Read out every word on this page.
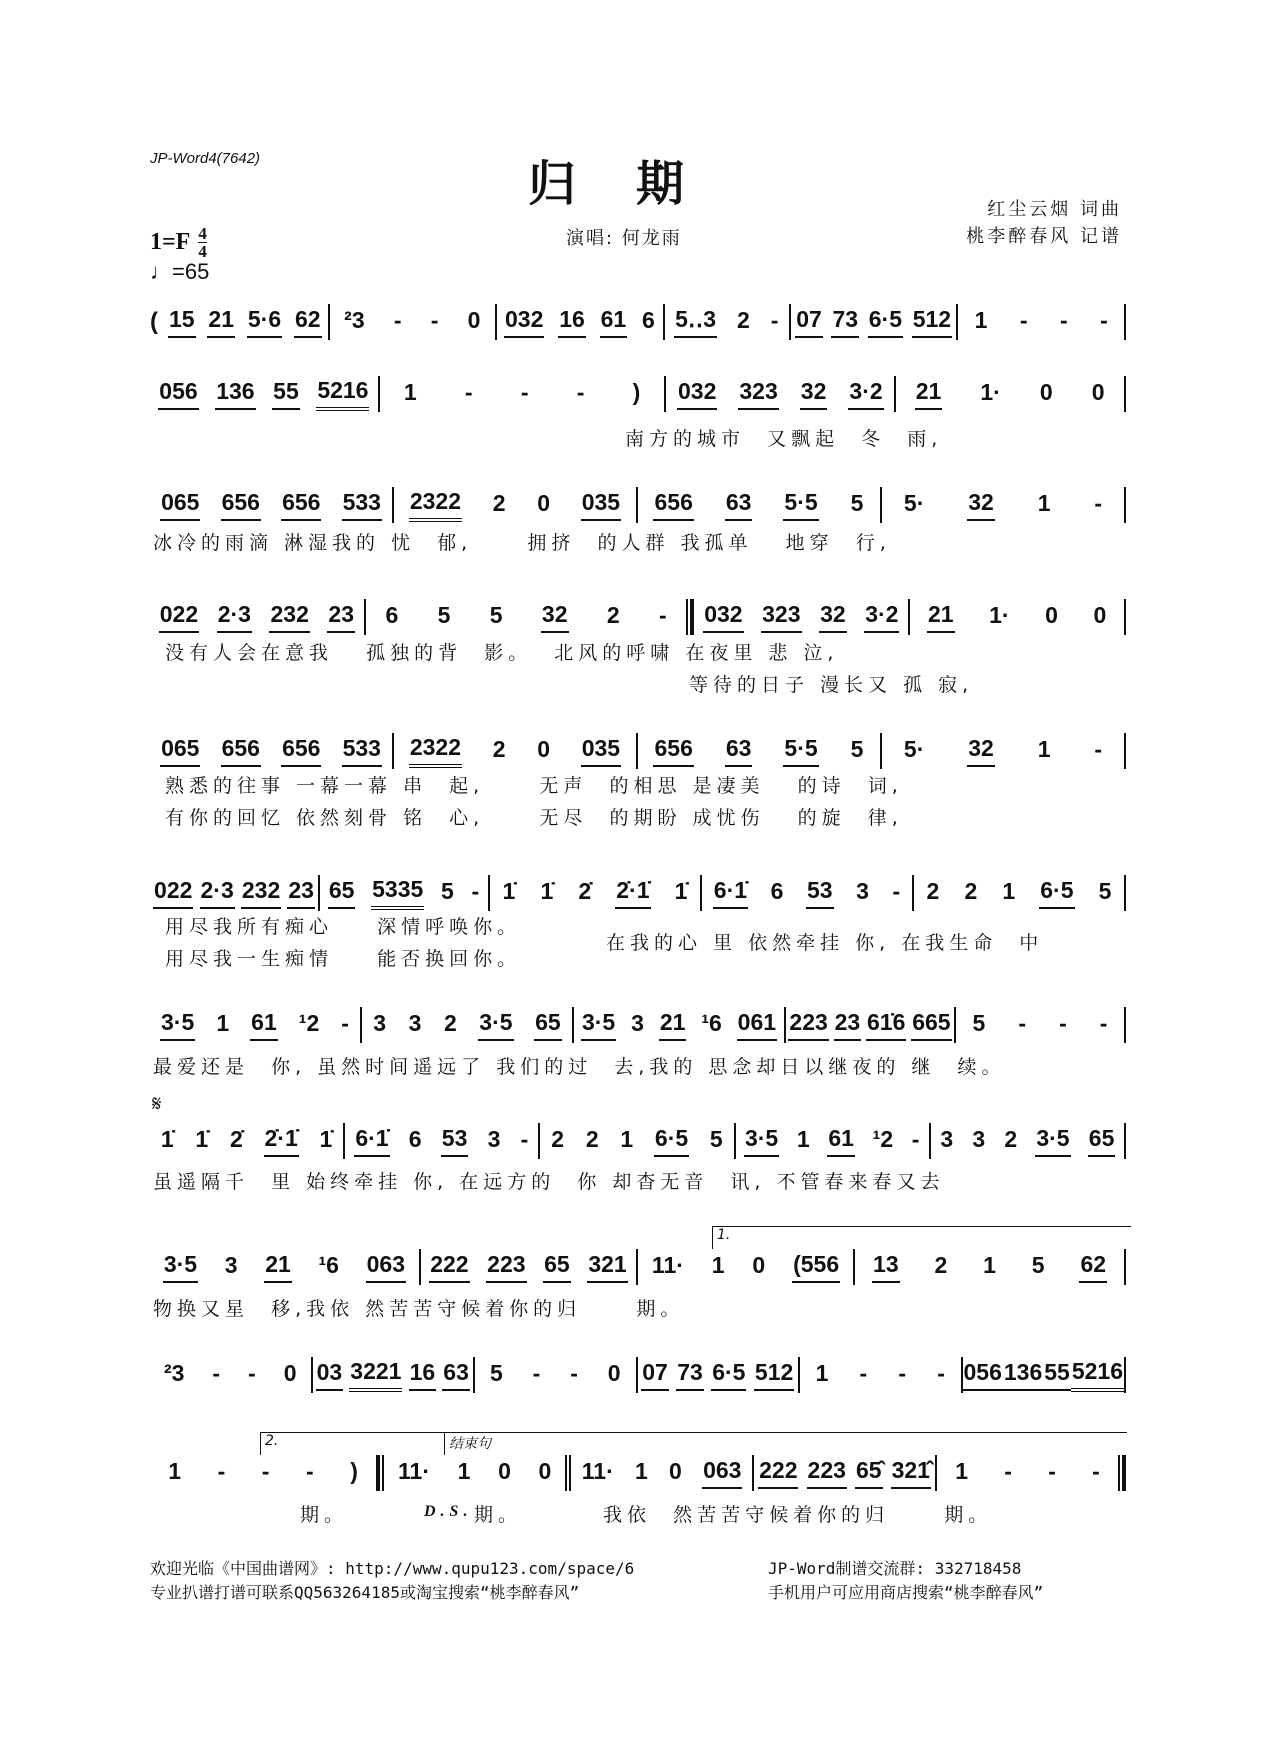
JP-Word4(7642)	归期	红尘云烟 词曲
桃李醉春风 记谱
演唱: 何龙雨
$1=F \frac{4}{4}$
♩=65
𝄋
( 15 21 5·6 62 ²3 - - 0 032 16 61 6 5‥3 2 - 07 73 6·5 512 1 - - -
056 136 55 5216 1 - - - ) 032 323 32 3·2 21 1· 0 0
南方的城市  又飘起  冬  雨,
065 656 656 533 2322 2 0 035 656 63 5·5 5 5· 32 1 -
冰冷的雨滴 淋湿我的 忧  郁,     拥挤  的人群 我孤单   地穿  行,
022 2·3 232 23 6 5 5 32 2 - 032 323 32 3·2 21 1· 0 0
没有人会在意我   孤独的背  影。  北风的呼啸 在夜里 悲 泣,
等待的日子 漫长又 孤 寂,
065 656 656 533 2322 2 0 035 656 63 5·5 5 5· 32 1 -
熟悉的往事 一幕一幕 串  起,     无声  的相思 是凄美   的诗  词,
有你的回忆 依然刻骨 铭  心,     无尽  的期盼 成忧伤   的旋  律,
022 2·3 232 23 65 5335 5 - 1̇ 1̇ 2̇ 2̇·1̇ 1̇ 6·1̇ 6 53 3 - 2 2 1 6·5 5
用尽我所有痴心    深情呼唤你。
用尽我一生痴情    能否换回你。
在我的心 里 依然牵挂 你, 在我生命  中
3·5 1 61 ¹2 - 3 3 2 3·5 65 3·5 3 21 ¹6 061 223 23 61̇6 665 5 - - -
最爱还是  你, 虽然时间遥远了 我们的过  去,我的 思念却日以继夜的 继  续。
1̇ 1̇ 2̇ 2̇·1̇ 1̇ 6·1̇ 6 53 3 - 2 2 1 6·5 5 3·5 1 61 ¹2 - 3 3 2 3·5 65
虽遥隔千  里 始终牵挂 你, 在远方的  你 却杳无音  讯, 不管春来春又去
3·5 3 21 ¹6 063 222 223 65 321 11· 1 0 (556 13 2 1 5 62
物换又星  移,我依 然苦苦守候着你的归     期。
²3 - - 0 03 3221 16 63 5 - - 0 07 73 6·5 512 1 - - - 056 136 55 5216
1 - - - ) 11· 1 0 0 11· 1 0 063 222 223 65̂ 321̂ 1 - - -
期。	D.S. 期。	我依  然苦苦守候着你的归     期。
1.
2.	结束句
欢迎光临《中国曲谱网》: http://www.qupu123.com/space/6
专业扒谱打谱可联系QQ563264185或淘宝搜索“桃李醉春风”
JP-Word制谱交流群: 332718458
手机用户可应用商店搜索“桃李醉春风”
